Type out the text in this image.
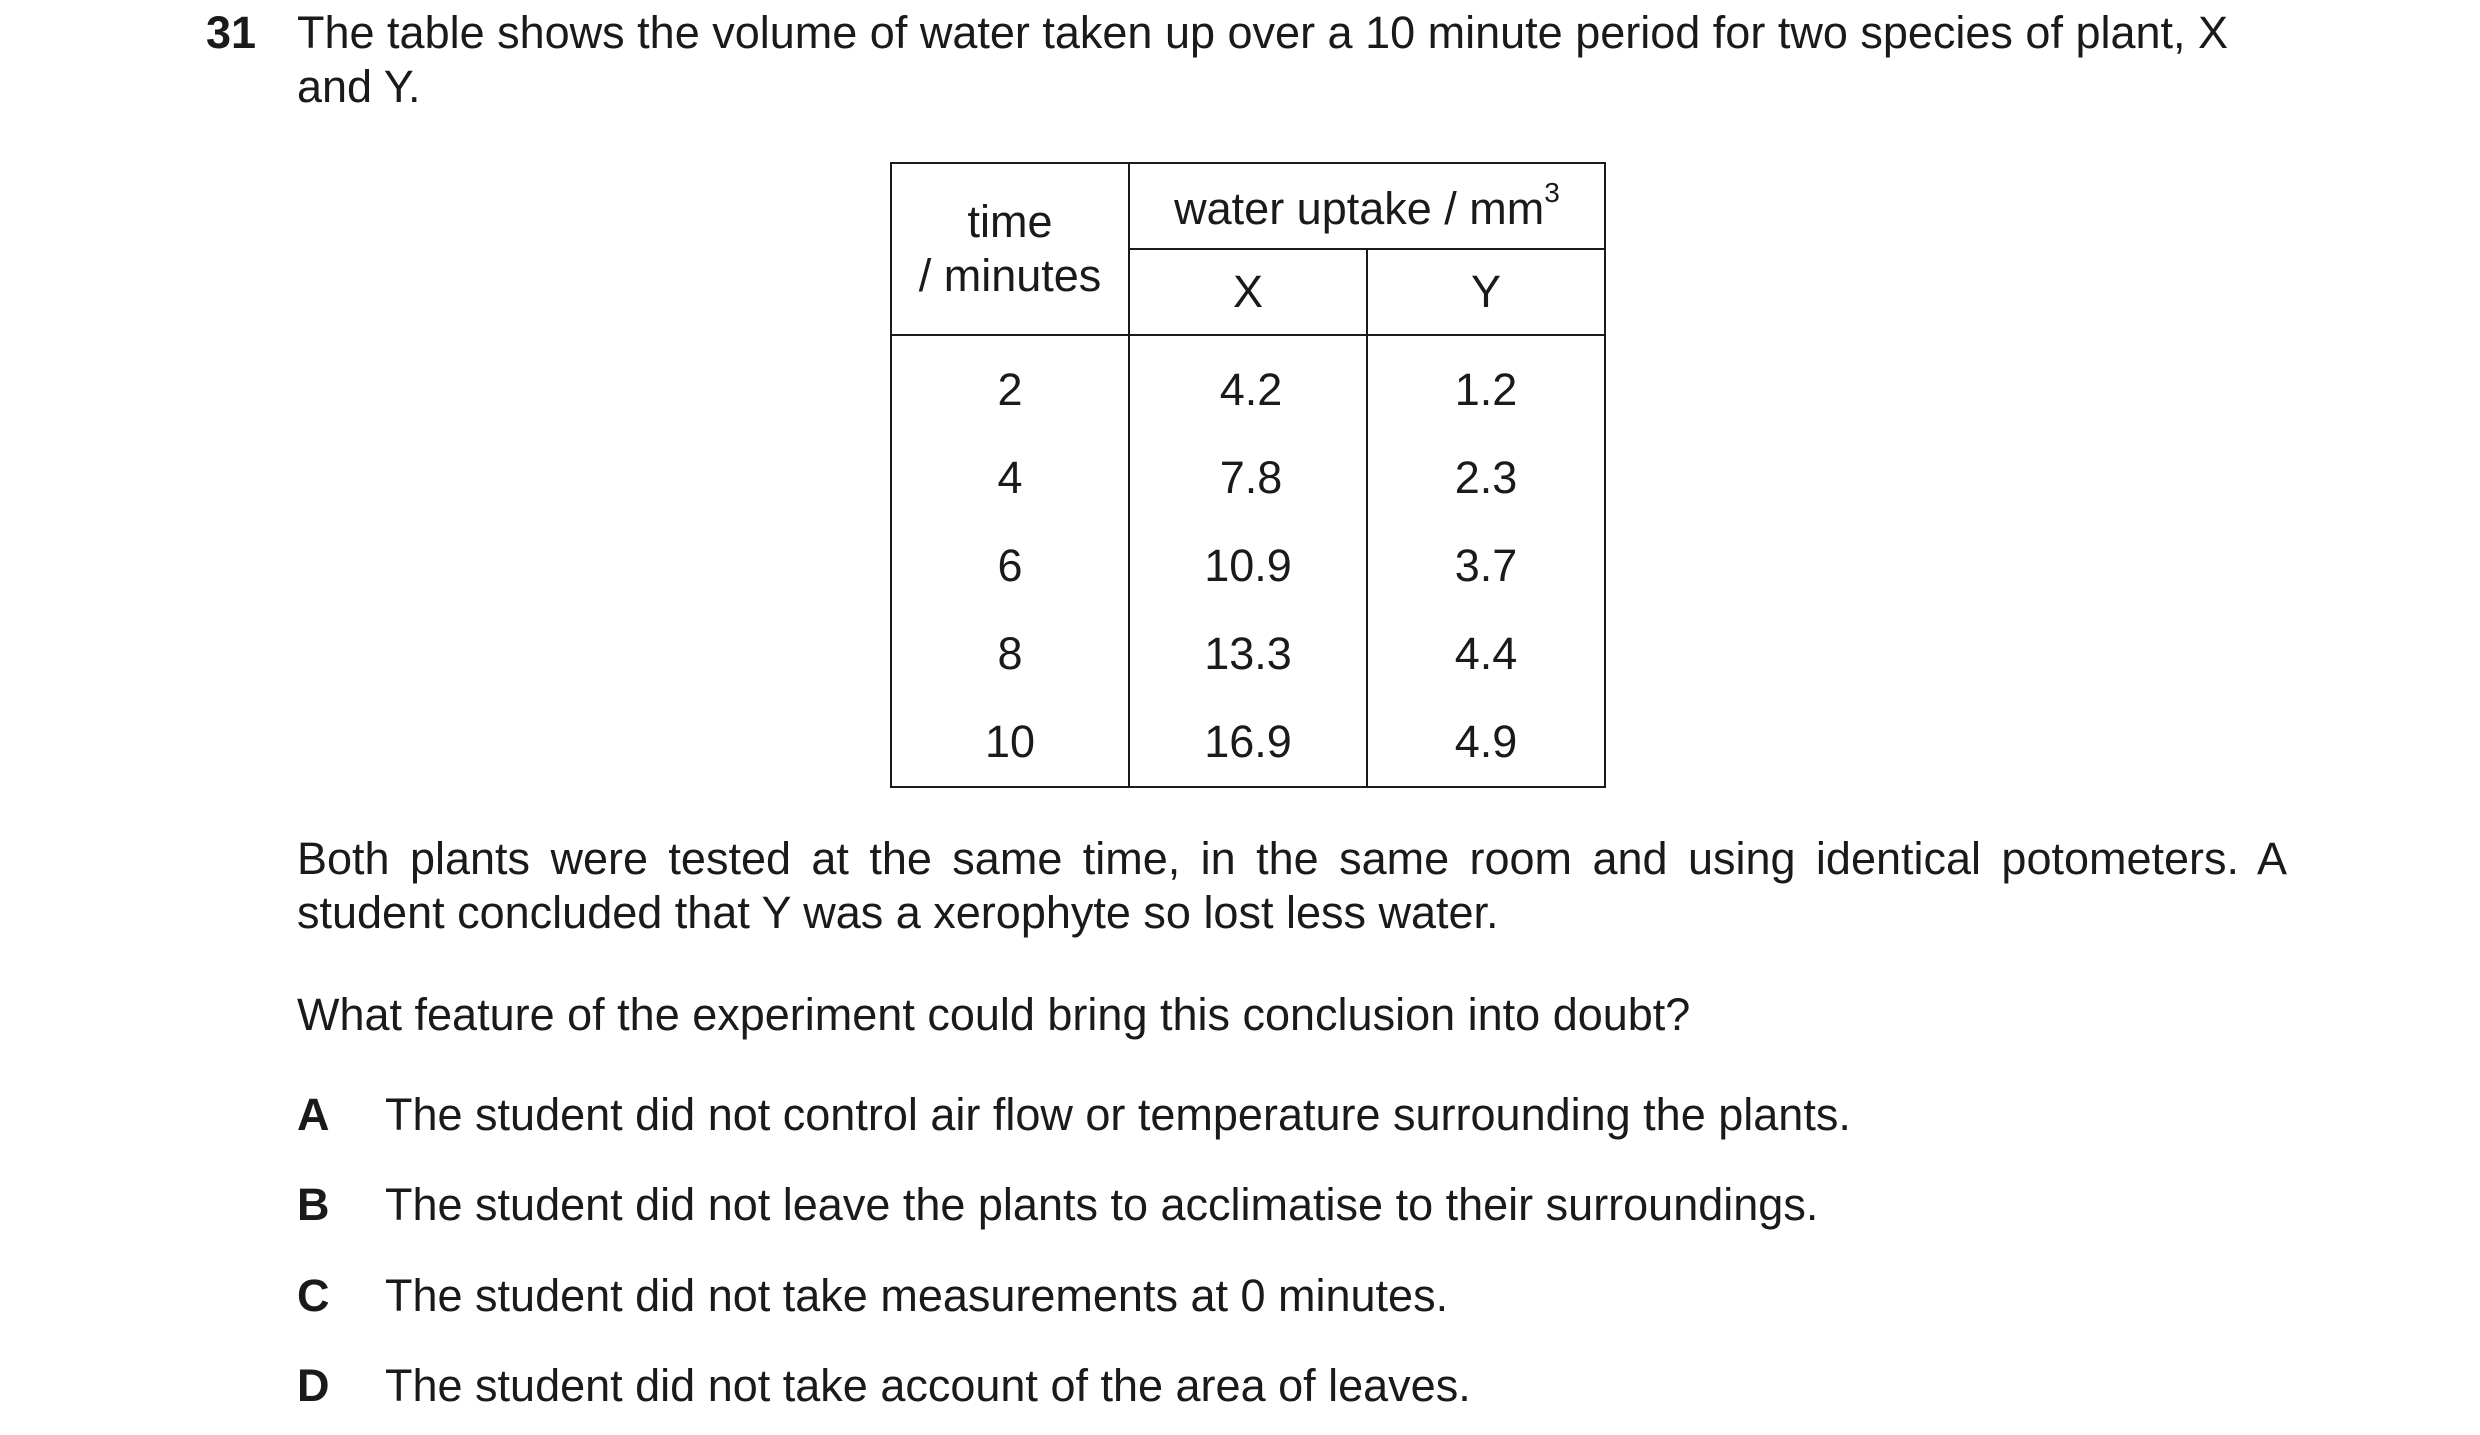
31 The table shows the volume of water taken up over a 10 minute period for two species of plant, X
and Y.
time
/ minutes	water uptake / $mm^3$
	X	Y
2	4.2	1.2
4	7.8	2.3
6	10.9	3.7
8	13.3	4.4
10	16.9	4.9
Both plants were tested at the same time, in the same room and using identical potometers. A
student concluded that Y was a xerophyte so lost less water.
What feature of the experiment could bring this conclusion into doubt?
A The student did not control air flow or temperature surrounding the plants.
B The student did not leave the plants to acclimatise to their surroundings.
C The student did not take measurements at 0 minutes.
D The student did not take account of the area of leaves.
